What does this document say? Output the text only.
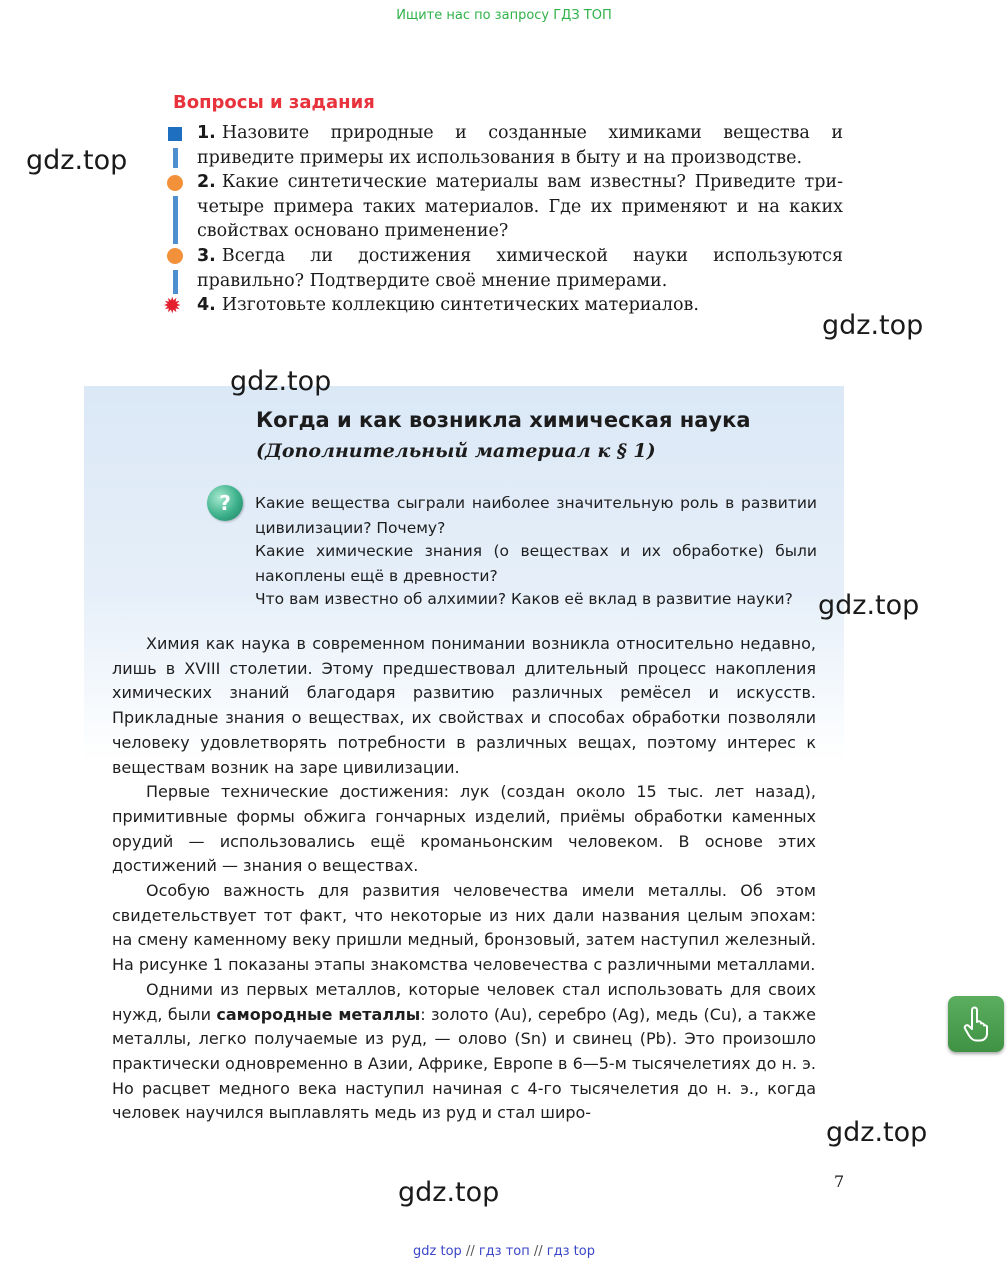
Ищите нас по запросу ГДЗ ТОП
gdz.top
gdz.top
Вопросы и задания
✹
1. Назовите природные и созданные химиками вещества и приведите примеры их использования в быту и на производстве.
2. Какие синтетические материалы вам известны? Приведите три-четыре примера таких материалов. Где их применяют и на каких свойствах основано применение?
3. Всегда ли достижения химической науки используются правильно? Подтвердите своё мнение примерами.
4. Изготовьте коллекцию синтетических материалов.
gdz.top
Когда и как возникла химическая наука
(Дополнительный материал к § 1)
?	Какие вещества сыграли наиболее значительную роль в развитии цивилизации? Почему?
Какие химические знания (о веществах и их обработке) были накоплены ещё в древности?
Что вам известно об алхимии? Каков её вклад в развитие науки? gdz.top

Химия как наука в современном понимании возникла относительно недавно, лишь в XVIII столетии. Этому предшествовал длительный процесс накопления химических знаний благодаря развитию различных ремёсел и искусств. Прикладные знания о веществах, их свойствах и способах обработки позволяли человеку удовлетворять потребности в различных вещах, поэтому интерес к веществам возник на заре цивилизации.

Первые технические достижения: лук (создан около 15 тыс. лет назад), примитивные формы обжига гончарных изделий, приёмы обработки каменных орудий — использовались ещё кроманьонским человеком. В основе этих достижений — знания о веществах.

Особую важность для развития человечества имели металлы. Об этом свидетельствует тот факт, что некоторые из них дали названия целым эпохам: на смену каменному веку пришли медный, бронзовый, затем наступил железный. На рисунке 1 показаны этапы знакомства человечества с различными металлами.

Одними из первых металлов, которые человек стал использовать для своих нужд, были самородные металлы: золото (Au), серебро (Ag), медь (Cu), а также металлы, легко получаемые из руд, — олово (Sn) и свинец (Pb). Это произошло практически одновременно в Азии, Африке, Европе в 6—5-м тысячелетиях до н. э. Но расцвет медного века наступил начиная с 4-го тысячелетия до н. э., когда человек научился выплавлять медь из руд и стал широ-

gdz.top
7
gdz.top
gdz top // гдз топ // гдз top
